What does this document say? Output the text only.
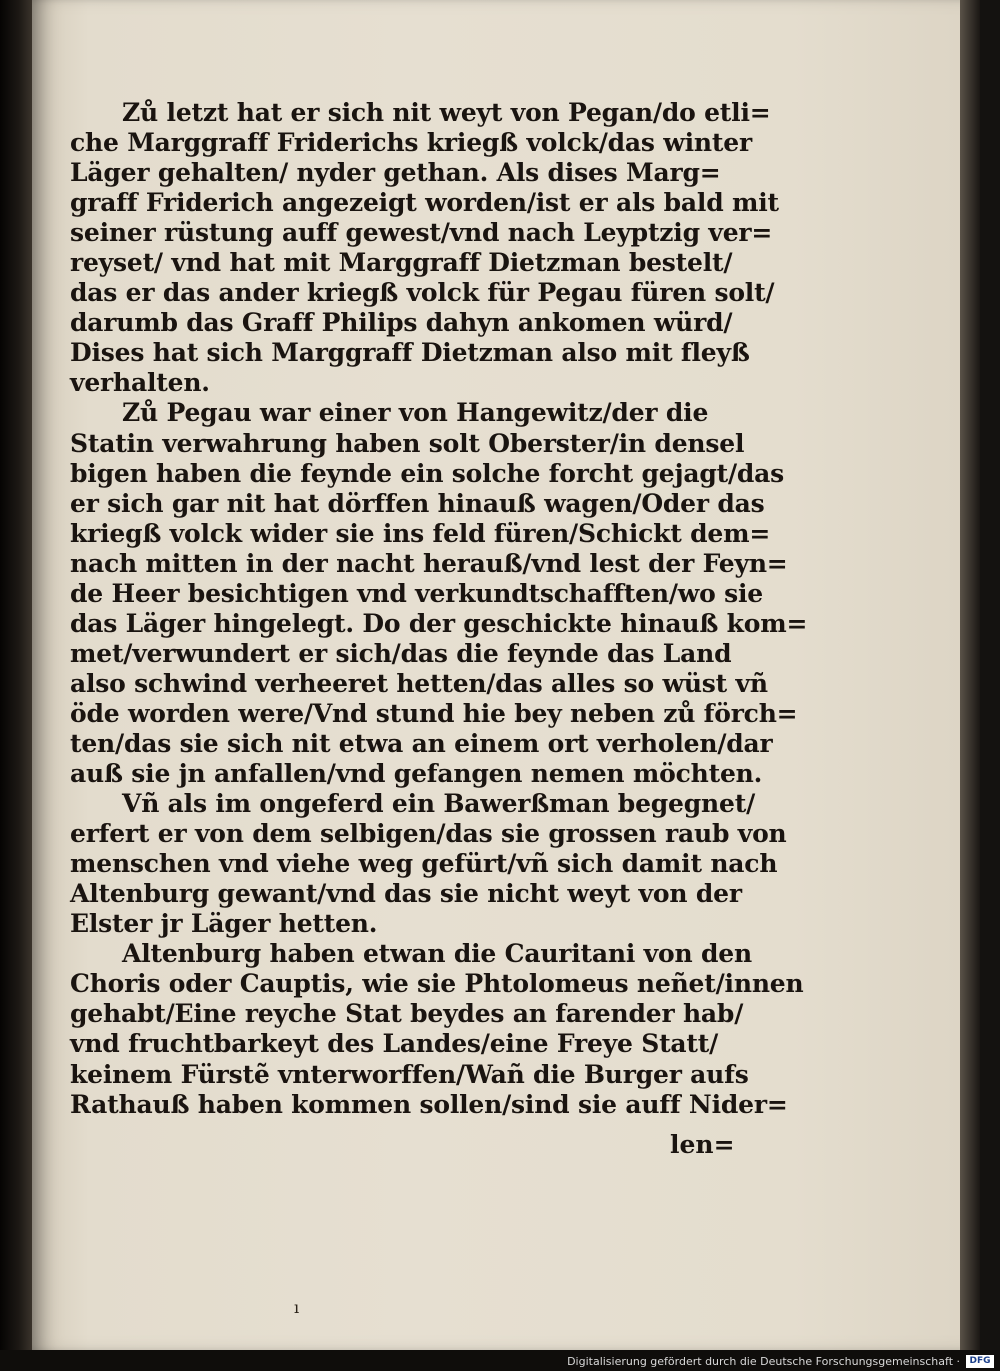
Zů letzt hat er sich nit weyt von Pegan/do etli=
che Marggraff Friderichs kriegß volck/das winter
Läger gehalten/ nyder gethan. Als dises Marg=
graff Friderich angezeigt worden/ist er als bald mit
seiner rüstung auff gewest/vnd nach Leyptzig ver=
reyset/ vnd hat mit Marggraff Dietzman bestelt/
das er das ander kriegß volck für Pegau füren solt/
darumb das Graff Philips dahyn ankomen würd/
Dises hat sich Marggraff Dietzman also mit fleyß
verhalten.
Zů Pegau war einer von Hangewitz/der die
Statin verwahrung haben solt Oberster/in densel
bigen haben die feynde ein solche forcht gejagt/das
er sich gar nit hat dörffen hinauß wagen/Oder das
kriegß volck wider sie ins feld füren/Schickt dem=
nach mitten in der nacht herauß/vnd lest der Feyn=
de Heer besichtigen vnd verkundtschafften/wo sie
das Läger hingelegt. Do der geschickte hinauß kom=
met/verwundert er sich/das die feynde das Land
also schwind verheeret hetten/das alles so wüst vñ
öde worden were/Vnd stund hie bey neben zů förch=
ten/das sie sich nit etwa an einem ort verholen/dar
auß sie jn anfallen/vnd gefangen nemen möchten.
Vñ als im ongeferd ein Bawerßman begegnet/
erfert er von dem selbigen/das sie grossen raub von
menschen vnd viehe weg gefürt/vñ sich damit nach
Altenburg gewant/vnd das sie nicht weyt von der
Elster jr Läger hetten.
Altenburg haben etwan die Cauritani von den
Choris oder Cauptis, wie sie Phtolomeus neñet/innen
gehabt/Eine reyche Stat beydes an farender hab/
vnd fruchtbarkeyt des Landes/eine Freye Statt/
keinem Fürstẽ vnterworffen/Wañ die Burger aufs
Rathauß haben kommen sollen/sind sie auff Nider=
len=
ı
Digitalisierung gefördert durch die Deutsche Forschungsgemeinschaft ·	DFG
